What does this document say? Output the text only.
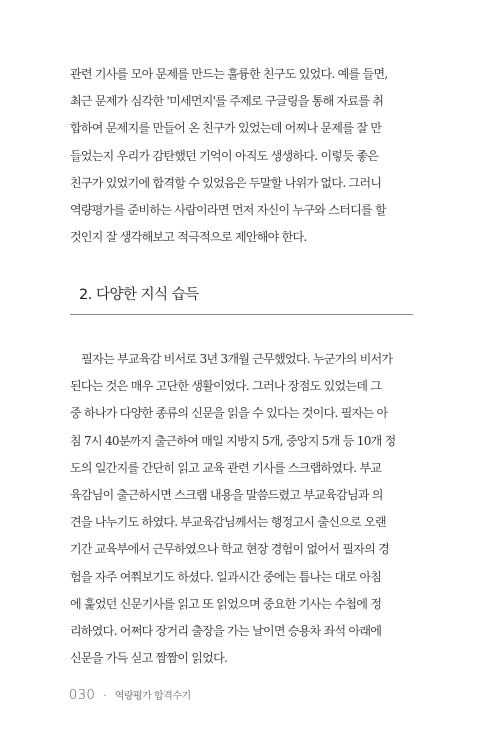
관련 기사를 모아 문제를 만드는 훌륭한 친구도 있었다. 예를 들면,
최근 문제가 심각한 '미세먼지'를 주제로 구글링을 통해 자료를 취
합하여 문제지를 만들어 온 친구가 있었는데 어찌나 문제를 잘 만
들었는지 우리가 감탄했던 기억이 아직도 생생하다. 이렇듯 좋은
친구가 있었기에 합격할 수 있었음은 두말할 나위가 없다. 그러니
역량평가를 준비하는 사람이라면 먼저 자신이 누구와 스터디를 할
것인지 잘 생각해보고 적극적으로 제안해야 한다.
2. 다양한 지식 습득
　필자는 부교육감 비서로 3년 3개월 근무했었다. 누군가의 비서가
된다는 것은 매우 고단한 생활이었다. 그러나 장점도 있었는데 그
중 하나가 다양한 종류의 신문을 읽을 수 있다는 것이다. 필자는 아
침 7시 40분까지 출근하여 매일 지방지 5개, 중앙지 5개 등 10개 정
도의 일간지를 간단히 읽고 교육 관련 기사를 스크랩하였다. 부교
육감님이 출근하시면 스크랩 내용을 말씀드렸고 부교육감님과 의
견을 나누기도 하였다. 부교육감님께서는 행정고시 출신으로 오랜
기간 교육부에서 근무하였으나 학교 현장 경험이 없어서 필자의 경
험을 자주 여쭤보기도 하셨다. 일과시간 중에는 틈나는 대로 아침
에 훑었던 신문기사를 읽고 또 읽었으며 중요한 기사는 수첩에 정
리하였다. 어쩌다 장거리 출장을 가는 날이면 승용차 좌석 아래에
신문을 가득 싣고 짬짬이 읽었다.
030 · 역량평가 합격수기
